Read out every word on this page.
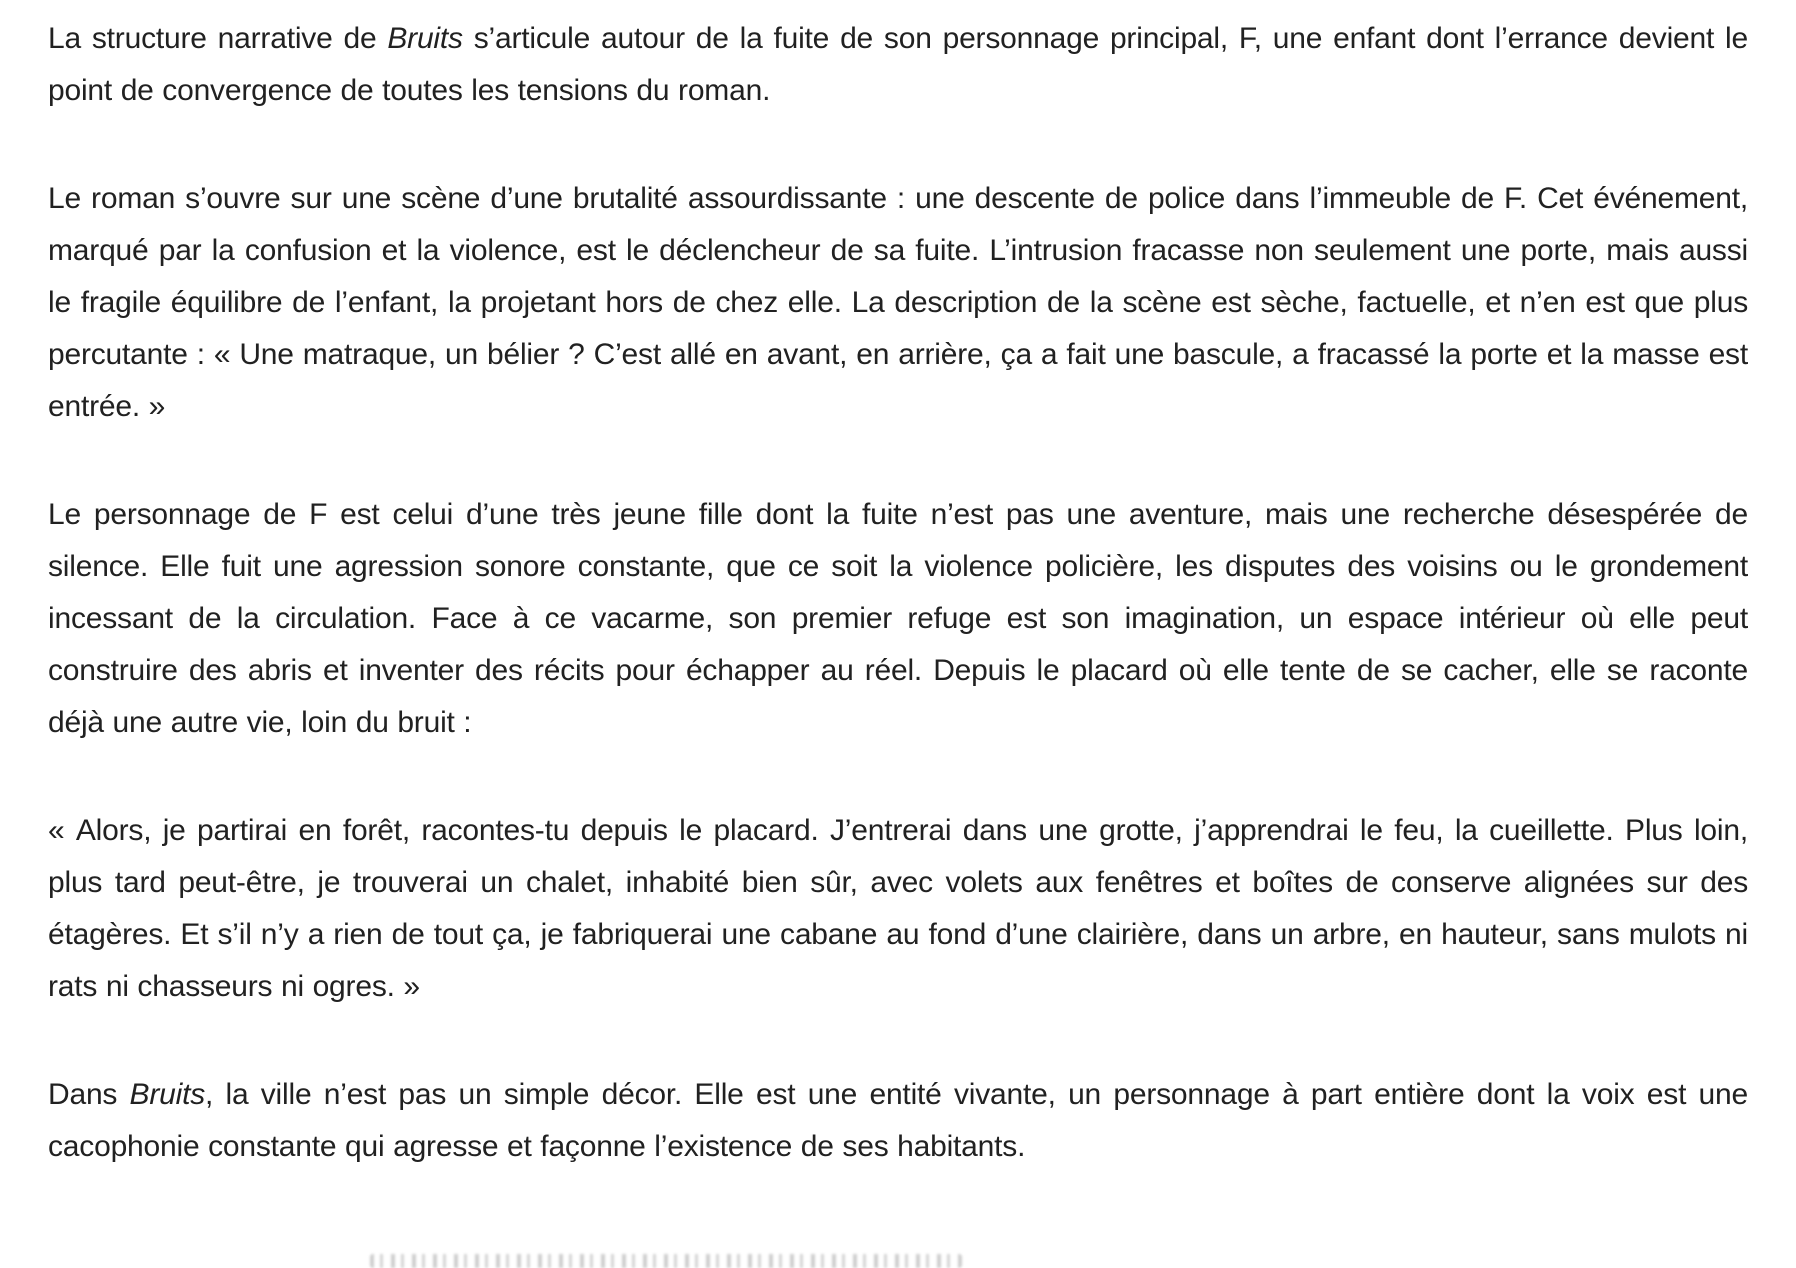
La structure narrative de Bruits s’articule autour de la fuite de son personnage principal, F, une enfant dont l’errance devient le point de convergence de toutes les tensions du roman.

Le roman s’ouvre sur une scène d’une brutalité assourdissante : une descente de police dans l’immeuble de F. Cet événement, marqué par la confusion et la violence, est le déclencheur de sa fuite. L’intrusion fracasse non seulement une porte, mais aussi le fragile équilibre de l’enfant, la projetant hors de chez elle. La description de la scène est sèche, factuelle, et n’en est que plus percutante : « Une matraque, un bélier ? C’est allé en avant, en arrière, ça a fait une bascule, a fracassé la porte et la masse est entrée. »

Le personnage de F est celui d’une très jeune fille dont la fuite n’est pas une aventure, mais une recherche désespérée de silence. Elle fuit une agression sonore constante, que ce soit la violence policière, les disputes des voisins ou le grondement incessant de la circulation. Face à ce vacarme, son premier refuge est son imagination, un espace intérieur où elle peut construire des abris et inventer des récits pour échapper au réel. Depuis le placard où elle tente de se cacher, elle se raconte déjà une autre vie, loin du bruit :

« Alors, je partirai en forêt, racontes-tu depuis le placard. J’entrerai dans une grotte, j’apprendrai le feu, la cueillette. Plus loin, plus tard peut-être, je trouverai un chalet, inhabité bien sûr, avec volets aux fenêtres et boîtes de conserve alignées sur des étagères. Et s’il n’y a rien de tout ça, je fabriquerai une cabane au fond d’une clairière, dans un arbre, en hauteur, sans mulots ni rats ni chasseurs ni ogres. »

Dans Bruits, la ville n’est pas un simple décor. Elle est une entité vivante, un personnage à part entière dont la voix est une cacophonie constante qui agresse et façonne l’existence de ses habitants.
